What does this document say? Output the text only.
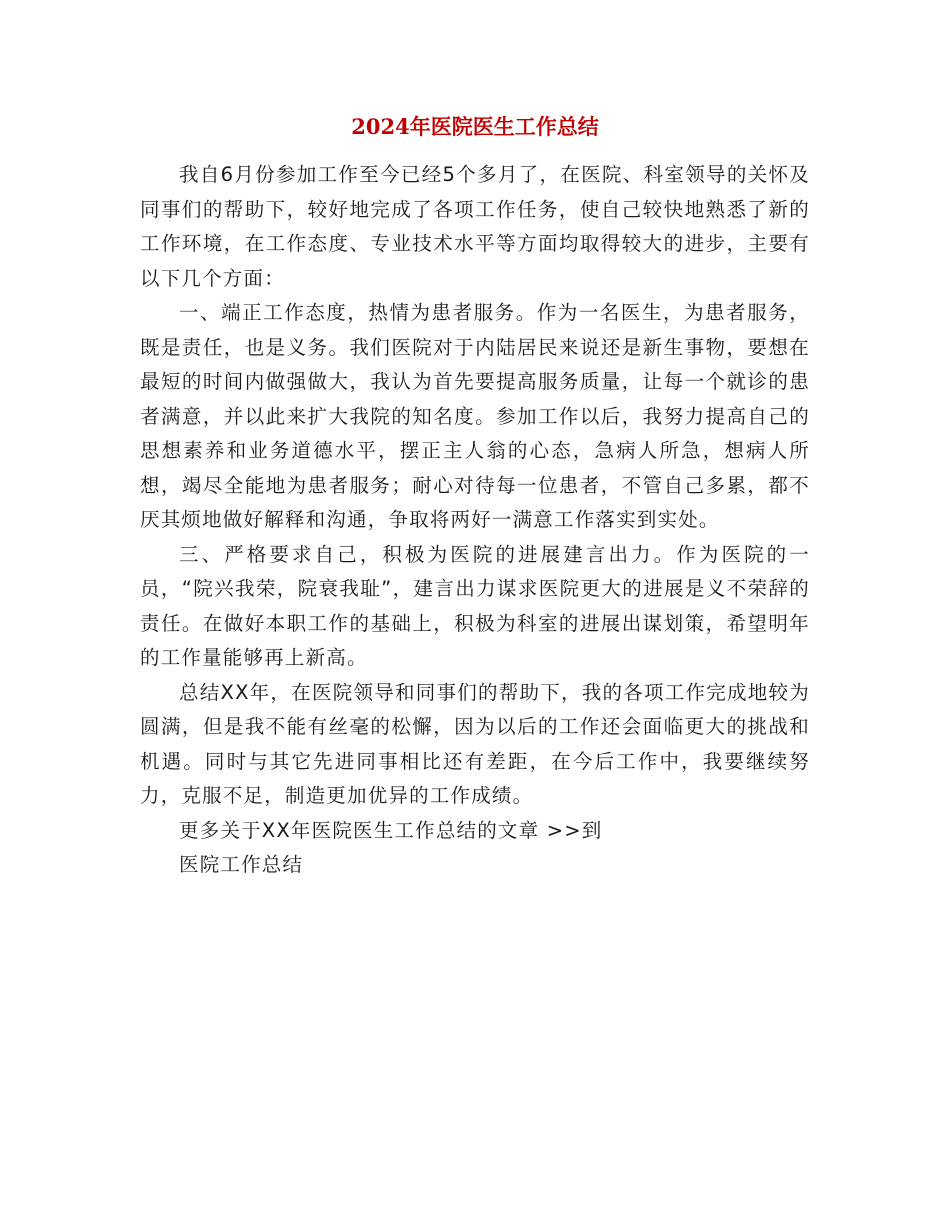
2024年医院医生工作总结

我自6月份参加工作至今已经5个多月了，在医院、科室领导的关怀及同事们的帮助下，较好地完成了各项工作任务，使自己较快地熟悉了新的工作环境，在工作态度、专业技术水平等方面均取得较大的进步，主要有以下几个方面：

一、端正工作态度，热情为患者服务。作为一名医生，为患者服务，既是责任，也是义务。我们医院对于内陆居民来说还是新生事物，要想在最短的时间内做强做大，我认为首先要提高服务质量，让每一个就诊的患者满意，并以此来扩大我院的知名度。参加工作以后，我努力提高自己的思想素养和业务道德水平，摆正主人翁的心态，急病人所急，想病人所想，竭尽全能地为患者服务；耐心对待每一位患者，不管自己多累，都不厌其烦地做好解释和沟通，争取将两好一满意工作落实到实处。

三、严格要求自己，积极为医院的进展建言出力。作为医院的一员，“院兴我荣，院衰我耻”，建言出力谋求医院更大的进展是义不荣辞的责任。在做好本职工作的基础上，积极为科室的进展出谋划策，希望明年的工作量能够再上新高。

总结XX年，在医院领导和同事们的帮助下，我的各项工作完成地较为圆满，但是我不能有丝毫的松懈，因为以后的工作还会面临更大的挑战和机遇。同时与其它先进同事相比还有差距，在今后工作中，我要继续努力，克服不足，制造更加优异的工作成绩。

更多关于XX年医院医生工作总结的文章 >>到

医院工作总结
